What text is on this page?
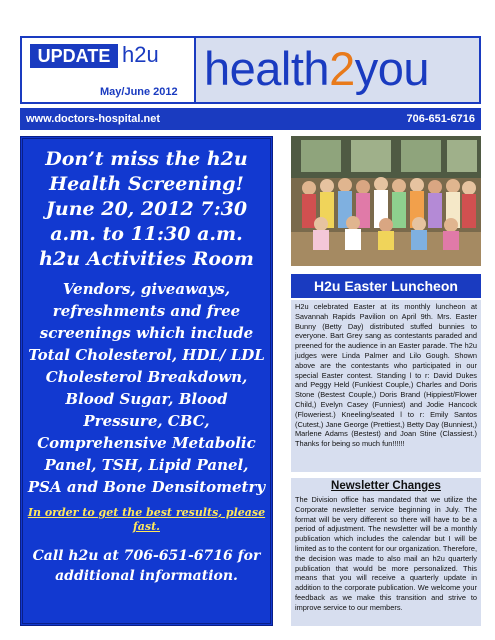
UPDATE h2u
May/June 2012 health2you
www.doctors-hospital.net	706-651-6716
Don’t miss the h2u Health Screening! June 20, 2012 7:30 a.m. to 11:30 a.m. h2u Activities Room
Vendors, giveaways, refreshments and free screenings which include Total Cholesterol, HDL/ LDL Cholesterol Breakdown, Blood Sugar, Blood Pressure, CBC, Comprehensive Metabolic Panel, TSH, Lipid Panel, PSA and Bone Densitometry
In order to get the best results, please fast.
Call h2u at 706-651-6716 for additional information.
H2u Easter Luncheon
H2u celebrated Easter at its monthly luncheon at Savannah Rapids Pavilion on April 9th. Mrs. Easter Bunny (Betty Day) distributed stuffed bunnies to everyone. Bart Grey sang as contestants paraded and preened for the audience in an Easter parade. The h2u judges were Linda Palmer and Lilo Gough. Shown above are the contestants who participated in our special Easter contest. Standing l to r: David Dukes and Peggy Held (Funkiest Couple,) Charles and Doris Stone (Bestest Couple,) Doris Brand (Hippiest/Flower Child,) Evelyn Casey (Funniest) and Jodie Hancock (Floweriest.) Kneeling/seated l to r: Emily Santos (Cutest,) Jane George (Prettiest,) Betty Day (Bunniest,) Marlene Adams (Bestest) and Joan Stine (Classiest.) Thanks for being so much fun!!!!!!
Newsletter Changes
The Division office has mandated that we utilize the Corporate newsletter service beginning in July. The format will be very different so there will have to be a period of adjustment. The newsletter will be a monthly publication which includes the calendar but I will be limited as to the content for our organization. Therefore, the decision was made to also mail an h2u quarterly publication that would be more personalized. This means that you will receive a quarterly update in addition to the corporate publication. We welcome your feedback as we make this transition and strive to improve service to our members.
